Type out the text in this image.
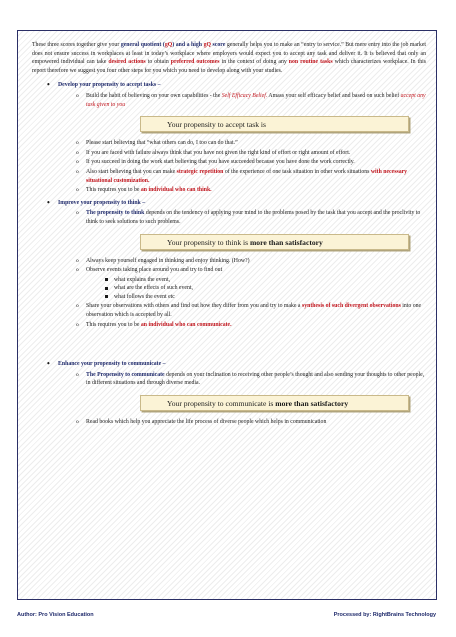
These three scores together give your general quotient (gQ) and a high gQ score generally helps you to make an “entry to service.” But mere entry into the job market does not ensure success in workplaces at least in today’s workplace where employers would expect you to accept any task and deliver it. It is believed that only an empowered individual can take desired actions to obtain preferred outcomes in the context of doing any non routine tasks which characterizes workplace. In this report therefore we suggest you four other steps for you which you need to develop along with your studies.

• Develop your propensity to accept tasks –
o Build the habit of believing on your own capabilities - the Self Efficacy Belief. Amass your self efficacy belief and based on such belief accept any task given to you
Your propensity to accept task is
o Please start believing that “what others can do, I too can do that.”
o If you are faced with failure always think that you have not given the right kind of effort or right amount of effort.
o If you succeed in doing the work start believing that you have succeeded because you have done the work correctly.
o Also start believing that you can make strategic repetition of the experience of one task situation in other work situations with necessary situational customization.
o This requires you to be an individual who can think.
• Improve your propensity to think –
o The propensity to think depends on the tendency of applying your mind to the problems posed by the task that you accept and the proclivity to think to seek solutions to such problems.
Your propensity to think is more than satisfactory
o Always keep yourself engaged in thinking and enjoy thinking. (How?)
o Observe events taking place around you and try to find out
what explains the event,
what are the effects of such event,
what follows the event etc
o Share your observations with others and find out how they differ from you and try to make a synthesis of such divergent observations into one observation which is accepted by all.
o This requires you to be an individual who can communicate.
• Enhance your propensity to communicate –
o The Propensity to communicate depends on your inclination to receiving other people’s thought and also sending your thoughts to other people, in different situations and through diverse media.
Your propensity to communicate is more than satisfactory
o Read books which help you appreciate the life process of diverse people which helps in communication
Author: Pro Vision Education	Processed by: RightBrains Technology
